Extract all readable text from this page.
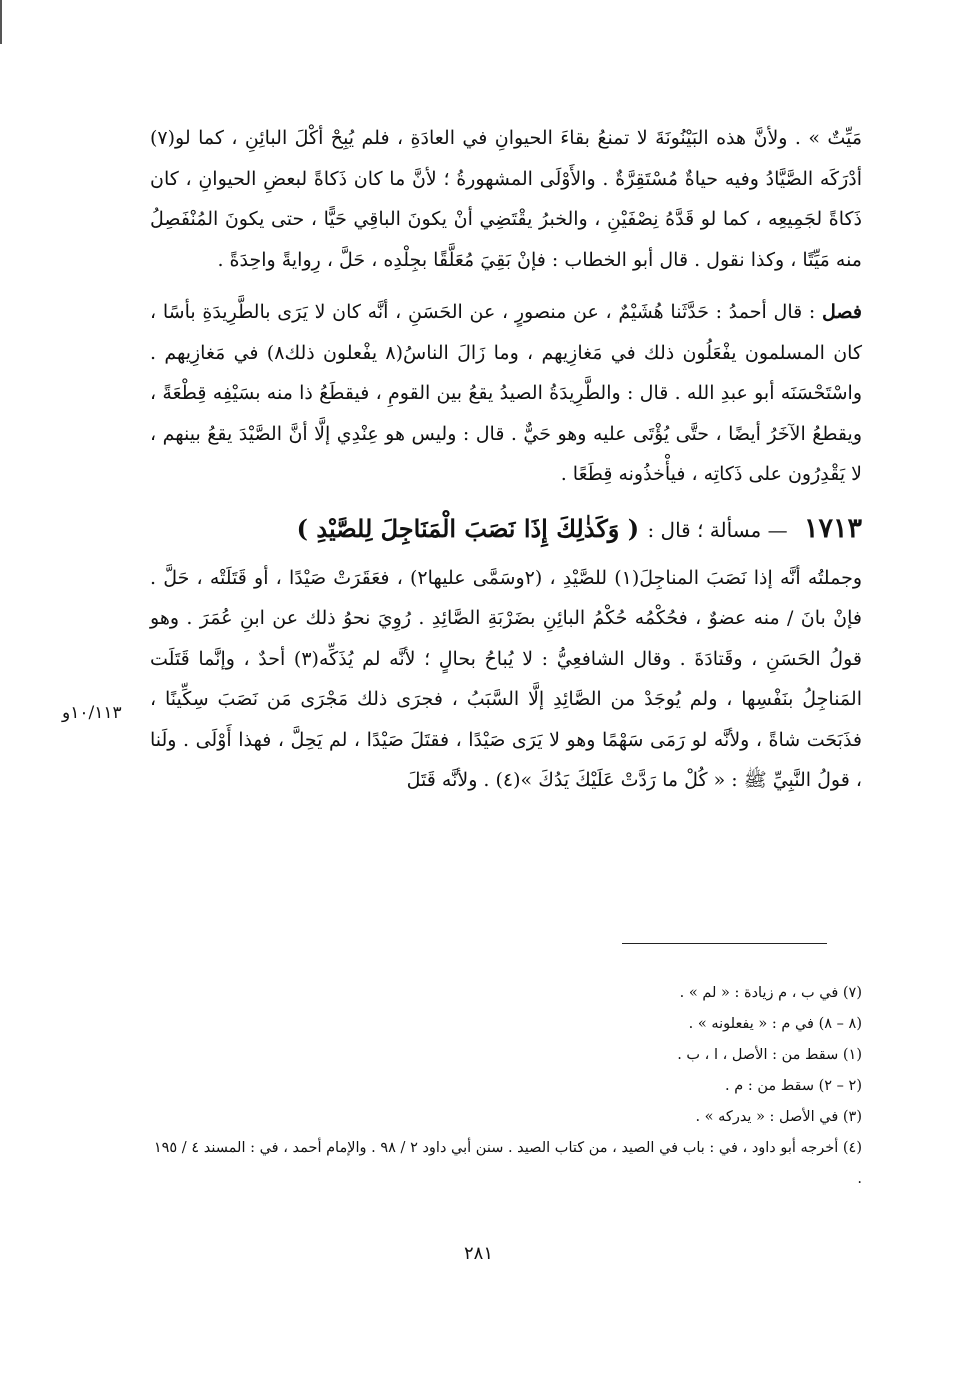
مَيِّتٌ » . ولأنَّ هذه البَيْنُونَةَ لا تمنعُ بقاءَ الحيوانِ في العادَةِ ، فلم يُبِحْ أكْلَ البائِنِ ، كما لو(٧) أدْرَكَه الصَّيَّادُ وفيه حياةٌ مُسْتَقِرَّةٌ . والأَوْلَى المشهورةُ ؛ لأنَّ ما كان ذَكاةً لبعضِ الحيوانِ ، كان ذَكاةً لجَمِيعِه ، كما لو قَدَّهُ نِصْفَيْنِ ، والخبرُ يقْتَضِي أنْ يكونَ الباقِي حَيًّا ، حتى يكونَ المُنْفَصِلُ منه مَيِّتًا ، وكذا نقول . قال أبو الخطاب : فإنْ بَقِيَ مُعَلَّقًا بجِلْدِه ، حَلَّ ، رِوايةً واحِدَةً .

فصل : قال أحمدُ : حَدَّثَنا هُشَيْمٌ ، عن منصورٍ ، عن الحَسَنِ ، أنَّه كان لا يَرَى بالطَّرِيدَةِ بأسًا ، كان المسلمون يفْعَلُون ذلك في مَغازِيهم ، وما زَالَ الناسُ(٨ يفْعلون ذلك٨) في مَغازِيهم . واسْتَحْسَنَه أبو عبدِ الله . قال : والطَّرِيدَةُ الصيدُ يقعُ بين القومِ ، فيقطَعُ ذا منه بسَيْفِه قِطْعَةً ، ويقطعُ الآخَرُ أيضًا ، حتَّى يُؤْتَى عليه وهو حَيٌّ . قال : وليس هو عِنْدِي إلَّا أنَّ الصَّيْدَ يقعُ بينهم ، لا يَقْدِرُون على ذَكاتِه ، فيأْخذُونه قِطَعًا .

١٧١٣ — مسألة ؛ قال : ( وَكَذٰلِكَ إِذَا نَصَبَ الْمَنَاجِلَ لِلصَّيْدِ )

وجملتُه أنَّه إذا نَصَبَ المناجِلَ(١) للصَّيْدِ ، (٢وسَمَّى عليها٢) ، فعَقَرَتْ صَيْدًا ، أو قَتَلَتْه ، حَلَّ . فإنْ بانَ / منه عضوٌ ، فحُكْمُه حُكْمُ البائِنِ بضَرْبَةِ الصَّائِدِ . رُوِيَ نحوُ ذلك عن ابنِ عُمَرَ . وهو قولُ الحَسَنِ ، وقَتادَةَ . وقال الشافعِيُّ : لا يُباحُ بحالٍ ؛ لأنَّه لم يُذَكِّه(٣) أحدٌ ، وإنَّما قَتَلَت المَناجِلُ بنَفْسِها ، ولم يُوجَدْ من الصَّائِدِ إلَّا السَّبَبُ ، فجرَى ذلك مَجْرَى مَن نَصَبَ سِكِّينًا ، فذَبَحَت شاةً ، ولأنَّه لو رَمَى سَهْمًا وهو لا يَرَى صَيْدًا ، فقتَلَ صَيْدًا ، لم يَحِلَّ ، فهذا أَوْلَى . ولَنا ، قولُ النَّبِيِّ ﷺ : « كُلْ ما رَدَّتْ عَلَيْكَ يَدُكَ »(٤) . ولأنَّه قَتَلَ

١٠/١١٣و

(٧) في ب ، م زيادة : « لم » .

(٨ – ٨) في م : « يفعلونه » .

(١) سقط من : الأصل ، ا ، ب .

(٢ – ٢) سقط من : م .

(٣) في الأصل : « يدركه » .

(٤) أخرجه أبو داود ، في : باب في الصيد ، من كتاب الصيد . سنن أبي داود ٢ / ٩٨ . والإمام أحمد ، في : المسند ٤ / ١٩٥ .

٢٨١
